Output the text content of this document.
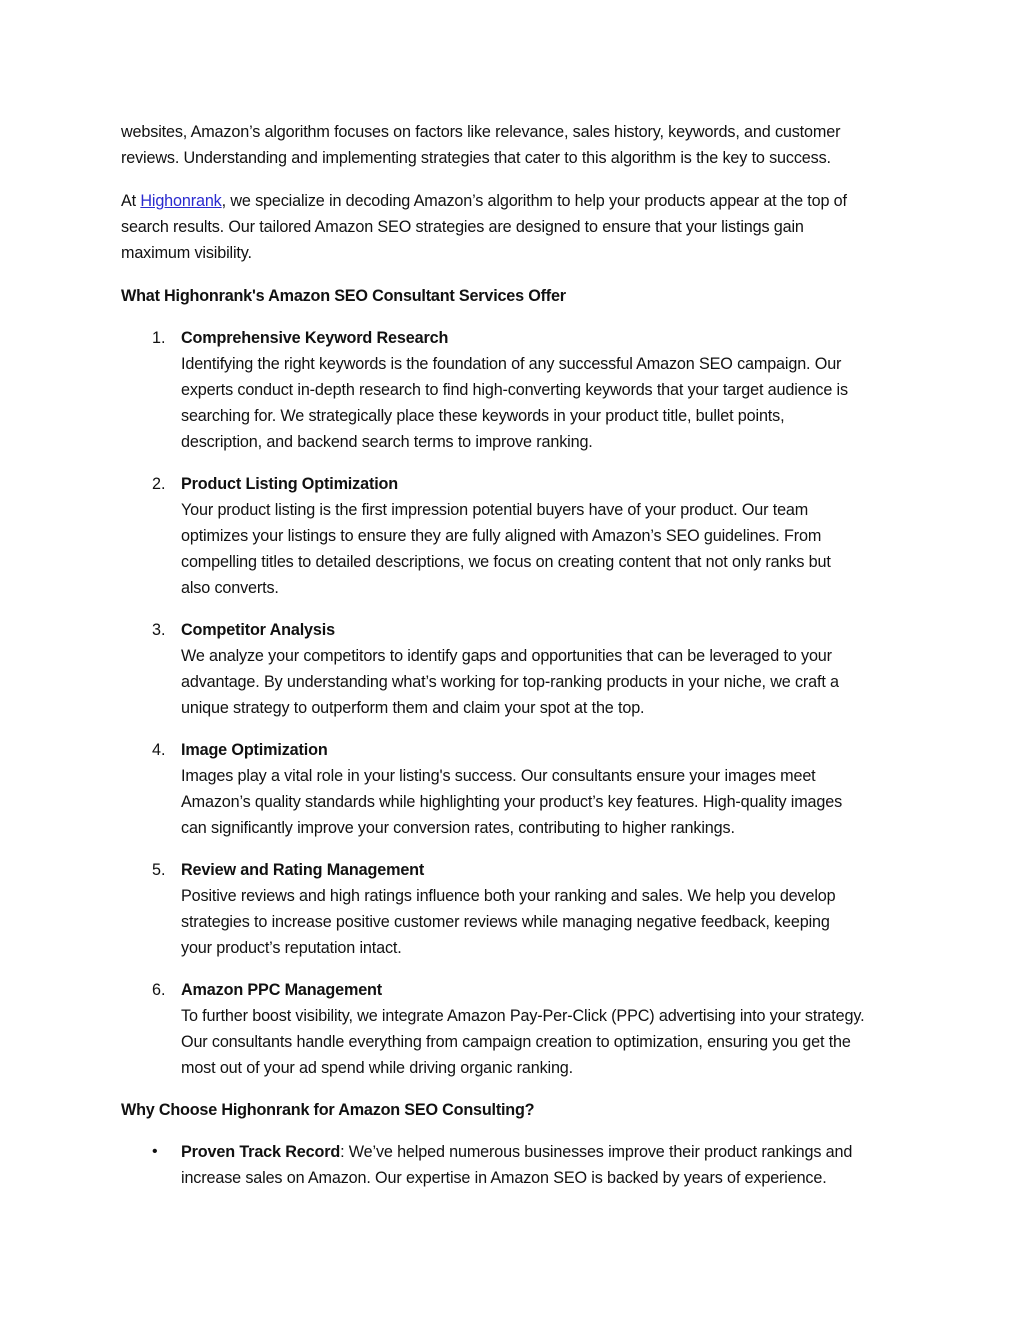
websites, Amazon’s algorithm focuses on factors like relevance, sales history, keywords, and customer
reviews. Understanding and implementing strategies that cater to this algorithm is the key to success.

At Highonrank, we specialize in decoding Amazon’s algorithm to help your products appear at the top of
search results. Our tailored Amazon SEO strategies are designed to ensure that your listings gain
maximum visibility.

What Highonrank's Amazon SEO Consultant Services Offer

1. Comprehensive Keyword Research
Identifying the right keywords is the foundation of any successful Amazon SEO campaign. Our
experts conduct in-depth research to find high-converting keywords that your target audience is
searching for. We strategically place these keywords in your product title, bullet points,
description, and backend search terms to improve ranking.
2. Product Listing Optimization
Your product listing is the first impression potential buyers have of your product. Our team
optimizes your listings to ensure they are fully aligned with Amazon’s SEO guidelines. From
compelling titles to detailed descriptions, we focus on creating content that not only ranks but
also converts.
3. Competitor Analysis
We analyze your competitors to identify gaps and opportunities that can be leveraged to your
advantage. By understanding what’s working for top-ranking products in your niche, we craft a
unique strategy to outperform them and claim your spot at the top.
4. Image Optimization
Images play a vital role in your listing's success. Our consultants ensure your images meet
Amazon’s quality standards while highlighting your product’s key features. High-quality images
can significantly improve your conversion rates, contributing to higher rankings.
5. Review and Rating Management
Positive reviews and high ratings influence both your ranking and sales. We help you develop
strategies to increase positive customer reviews while managing negative feedback, keeping
your product’s reputation intact.
6. Amazon PPC Management
To further boost visibility, we integrate Amazon Pay-Per-Click (PPC) advertising into your strategy.
Our consultants handle everything from campaign creation to optimization, ensuring you get the
most out of your ad spend while driving organic ranking.

Why Choose Highonrank for Amazon SEO Consulting?

• Proven Track Record: We’ve helped numerous businesses improve their product rankings and
increase sales on Amazon. Our expertise in Amazon SEO is backed by years of experience.
